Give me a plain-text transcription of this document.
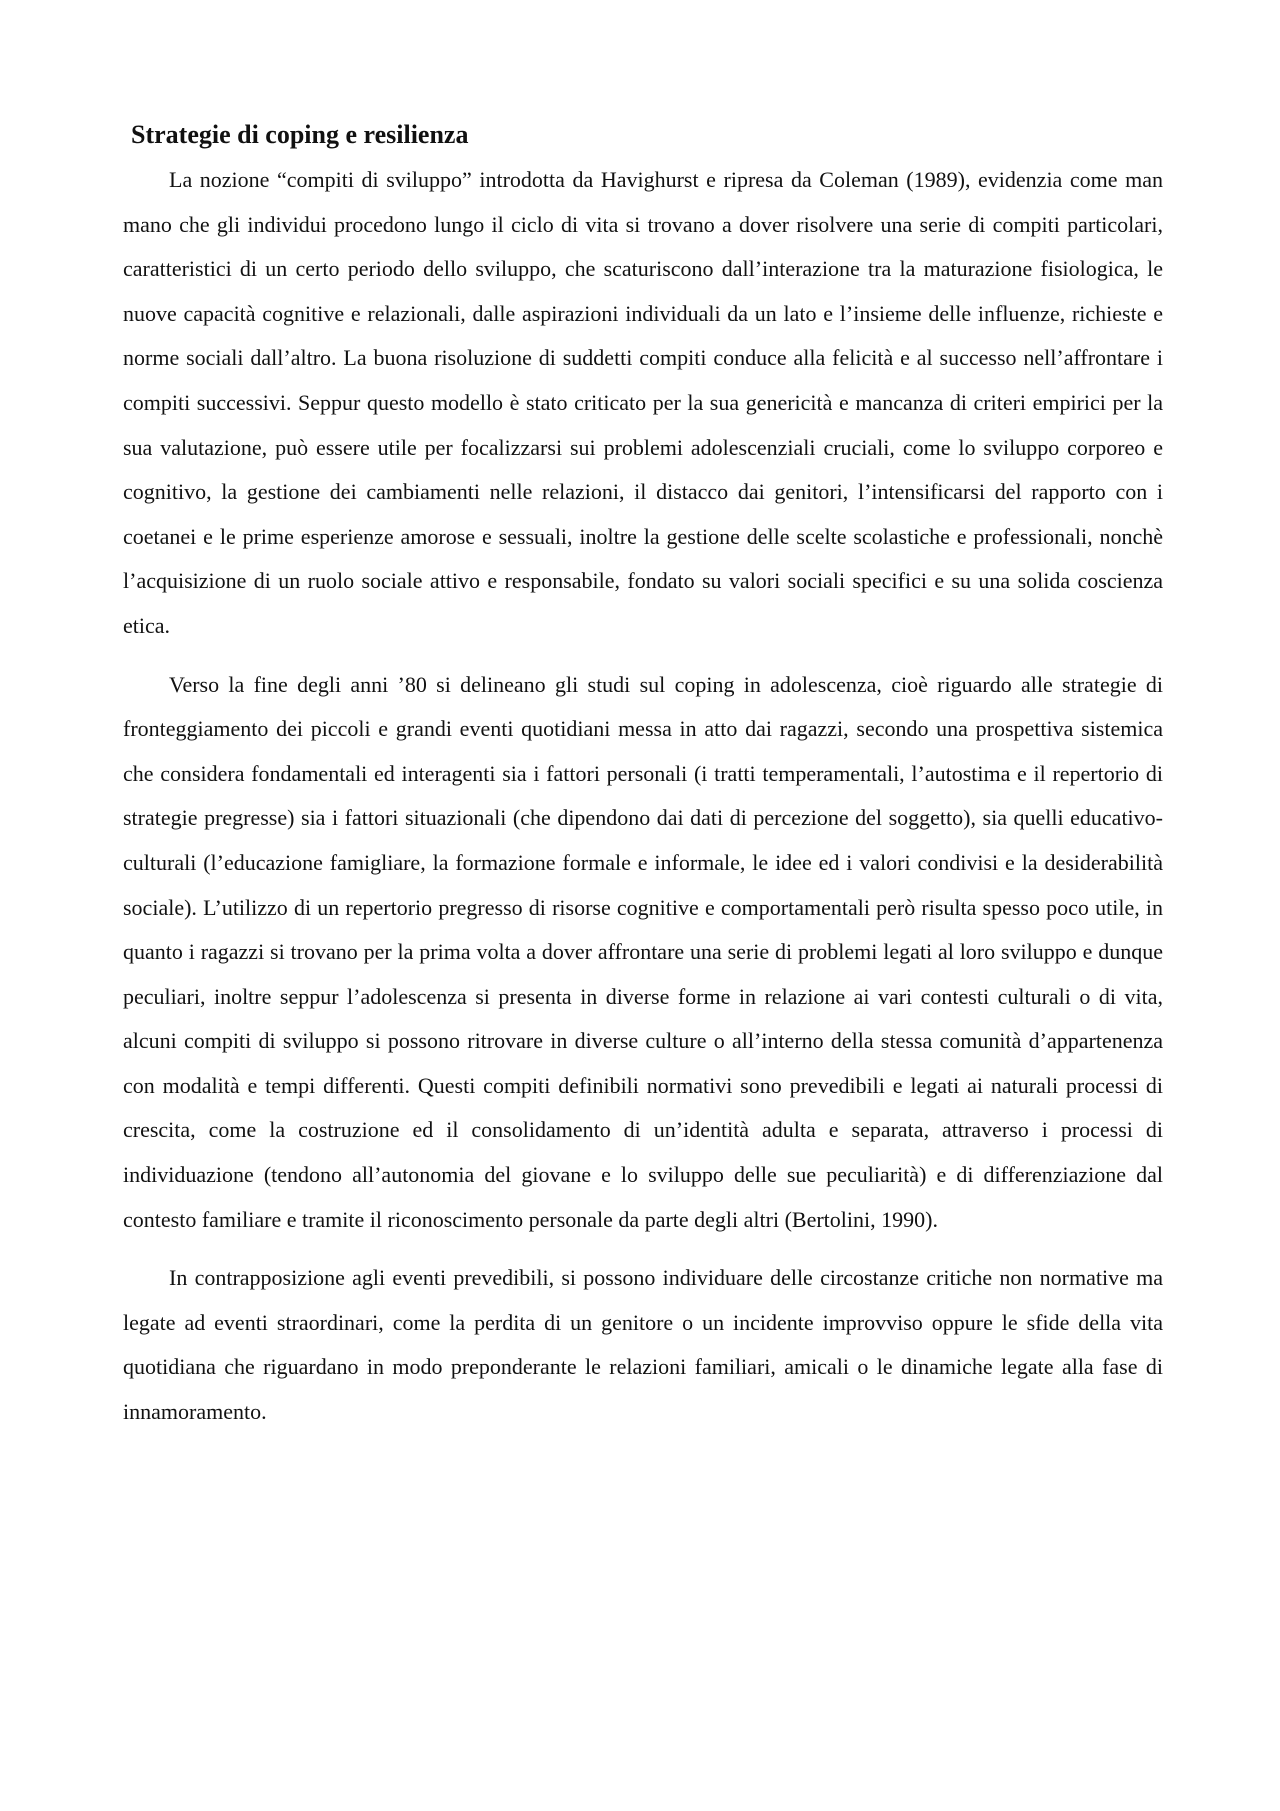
Strategie di coping e resilienza

La nozione “compiti di sviluppo” introdotta da Havighurst e ripresa da Coleman (1989), evidenzia come man mano che gli individui procedono lungo il ciclo di vita si trovano a dover risolvere una serie di compiti particolari, caratteristici di un certo periodo dello sviluppo, che scaturiscono dall’interazione tra la maturazione fisiologica, le nuove capacità cognitive e relazionali, dalle aspirazioni individuali da un lato e l’insieme delle influenze, richieste e norme sociali dall’altro. La buona risoluzione di suddetti compiti conduce alla felicità e al successo nell’affrontare i compiti successivi. Seppur questo modello è stato criticato per la sua genericità e mancanza di criteri empirici per la sua valutazione, può essere utile per focalizzarsi sui problemi adolescenziali cruciali, come lo sviluppo corporeo e cognitivo, la gestione dei cambiamenti nelle relazioni, il distacco dai genitori, l’intensificarsi del rapporto con i coetanei e le prime esperienze amorose e sessuali, inoltre la gestione delle scelte scolastiche e professionali, nonchè l’acquisizione di un ruolo sociale attivo e responsabile, fondato su valori sociali specifici e su una solida coscienza etica.

Verso la fine degli anni ’80 si delineano gli studi sul coping in adolescenza, cioè riguardo alle strategie di fronteggiamento dei piccoli e grandi eventi quotidiani messa in atto dai ragazzi, secondo una prospettiva sistemica che considera fondamentali ed interagenti sia i fattori personali (i tratti temperamentali, l’autostima e il repertorio di strategie pregresse) sia i fattori situazionali (che dipendono dai dati di percezione del soggetto), sia quelli educativo-culturali (l’educazione famigliare, la formazione formale e informale, le idee ed i valori condivisi e la desiderabilità sociale). L’utilizzo di un repertorio pregresso di risorse cognitive e comportamentali però risulta spesso poco utile, in quanto i ragazzi si trovano per la prima volta a dover affrontare una serie di problemi legati al loro sviluppo e dunque peculiari, inoltre seppur l’adolescenza si presenta in diverse forme in relazione ai vari contesti culturali o di vita, alcuni compiti di sviluppo si possono ritrovare in diverse culture o all’interno della stessa comunità d’appartenenza con modalità e tempi differenti. Questi compiti definibili normativi sono prevedibili e legati ai naturali processi di crescita, come la costruzione ed il consolidamento di un’identità adulta e separata, attraverso i processi di individuazione (tendono all’autonomia del giovane e lo sviluppo delle sue peculiarità) e di differenziazione dal contesto familiare e tramite il riconoscimento personale da parte degli altri (Bertolini, 1990).

In contrapposizione agli eventi prevedibili, si possono individuare delle circostanze critiche non normative ma legate ad eventi straordinari, come la perdita di un genitore o un incidente improvviso oppure le sfide della vita quotidiana che riguardano in modo preponderante le relazioni familiari, amicali o le dinamiche legate alla fase di innamoramento.
